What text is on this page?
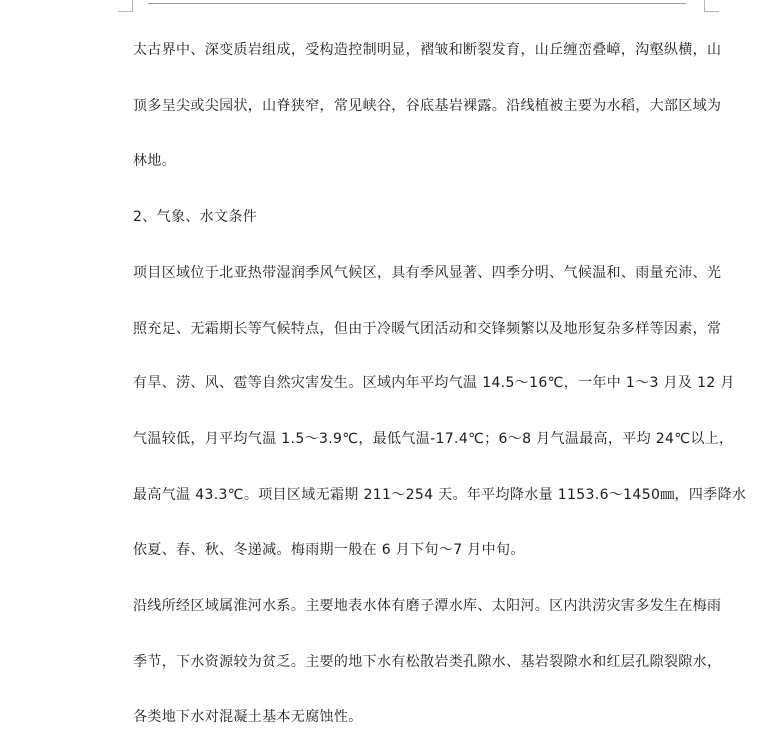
太古界中、深变质岩组成，受构造控制明显，褶皱和断裂发育，山丘缠峦叠嶂，沟壑纵横，山
顶多呈尖或尖园状，山脊狭窄，常见峡谷，谷底基岩裸露。沿线植被主要为水稻，大部区域为
林地。
2、气象、水文条件
项目区域位于北亚热带湿润季风气候区，具有季风显著、四季分明、气候温和、雨量充沛、光
照充足、无霜期长等气候特点，但由于冷暖气团活动和交锋频繁以及地形复杂多样等因素，常
有旱、涝、风、雹等自然灾害发生。区域内年平均气温 14.5～16℃，一年中 1～3 月及 12 月
气温较低，月平均气温 1.5～3.9℃，最低气温-17.4℃；6～8 月气温最高，平均 24℃以上，
最高气温 43.3℃。项目区域无霜期 211～254 天。年平均降水量 1153.6～1450㎜，四季降水
依夏、春、秋、冬递减。梅雨期一般在 6 月下旬～7 月中旬。
沿线所经区域属淮河水系。主要地表水体有磨子潭水库、太阳河。区内洪涝灾害多发生在梅雨
季节，下水资源较为贫乏。主要的地下水有松散岩类孔隙水、基岩裂隙水和红层孔隙裂隙水，
各类地下水对混凝土基本无腐蚀性。
